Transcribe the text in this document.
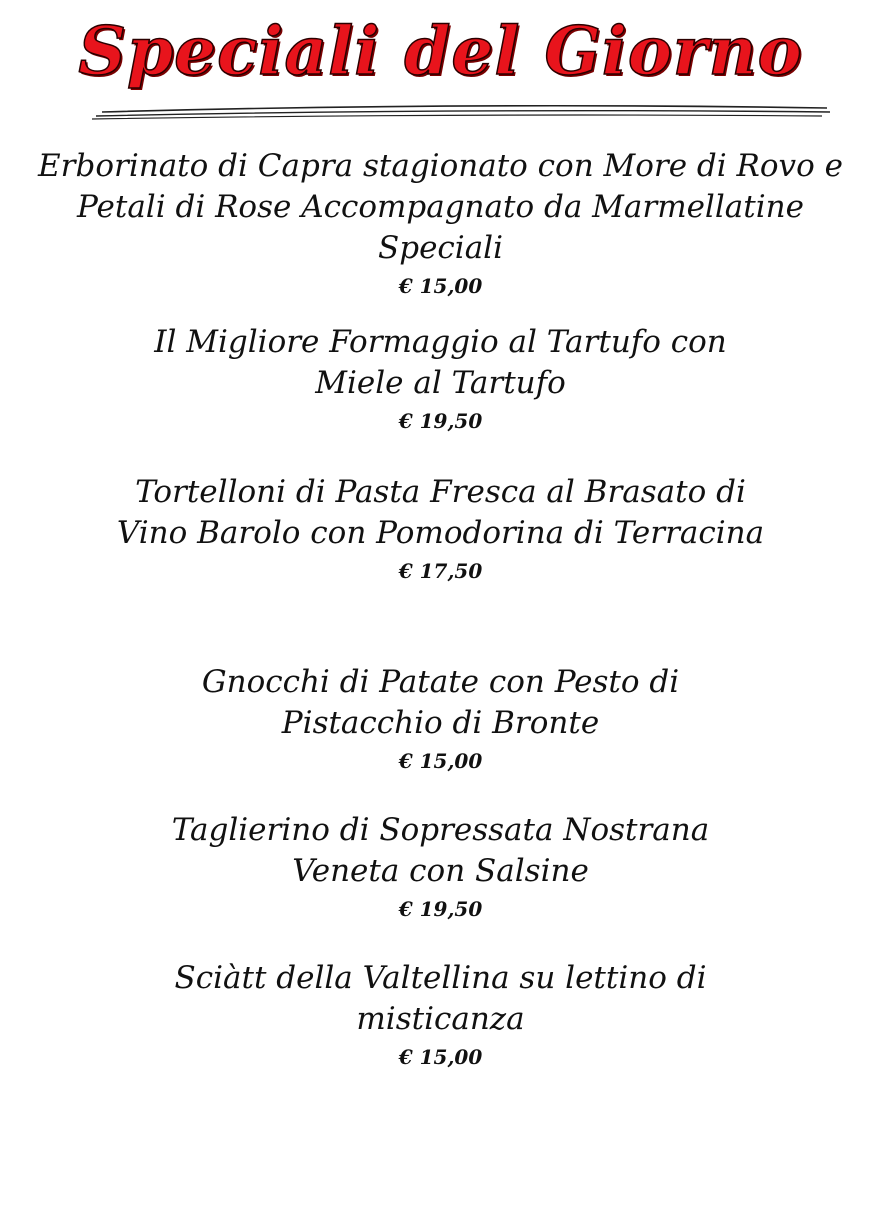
Speciali del Giorno
Erborinato di Capra stagionato con More di Rovo e Petali di Rose Accompagnato da Marmellatine Speciali
€ 15,00
Il Migliore Formaggio al Tartufo con Miele al Tartufo
€ 19,50
Tortelloni di Pasta Fresca al Brasato di Vino Barolo con Pomodorina di Terracina
€ 17,50
Gnocchi di Patate con Pesto di Pistacchio di Bronte
€ 15,00
Taglierino di Sopressata Nostrana Veneta con Salsine
€ 19,50
Sciàtt della Valtellina su lettino di misticanza
€ 15,00
